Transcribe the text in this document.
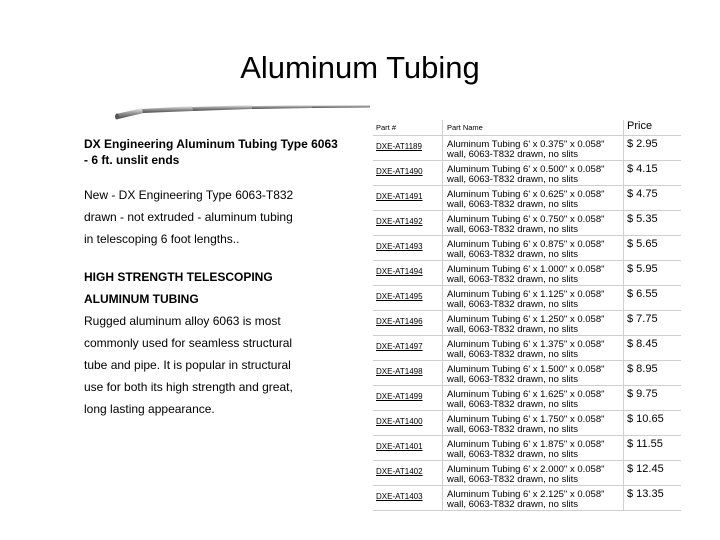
Aluminum Tubing
DX Engineering Aluminum Tubing Type 6063 - 6 ft. unslit ends
New - DX Engineering Type 6063-T832
drawn - not extruded - aluminum tubing
in telescoping 6 foot lengths..
HIGH STRENGTH TELESCOPING
ALUMINUM TUBING
Rugged aluminum alloy 6063 is most
commonly used for seamless structural
tube and pipe. It is popular in structural
use for both its high strength and great,
long lasting appearance.
Part #	Part Name	Price

DXE-AT1189	Aluminum Tubing 6' x 0.375" x 0.058"
wall, 6063-T832 drawn, no slits	$ 2.95

DXE-AT1490	Aluminum Tubing 6' x 0.500" x 0.058"
wall, 6063-T832 drawn, no slits	$ 4.15

DXE-AT1491	Aluminum Tubing 6' x 0.625" x 0.058"
wall, 6063-T832 drawn, no slits	$ 4.75

DXE-AT1492	Aluminum Tubing 6' x 0.750" x 0.058"
wall, 6063-T832 drawn, no slits	$ 5.35

DXE-AT1493	Aluminum Tubing 6' x 0.875" x 0.058"
wall, 6063-T832 drawn, no slits	$ 5.65

DXE-AT1494	Aluminum Tubing 6' x 1.000" x 0.058"
wall, 6063-T832 drawn, no slits	$ 5.95

DXE-AT1495	Aluminum Tubing 6' x 1.125" x 0.058"
wall, 6063-T832 drawn, no slits	$ 6.55

DXE-AT1496	Aluminum Tubing 6' x 1.250" x 0.058"
wall, 6063-T832 drawn, no slits	$ 7.75

DXE-AT1497	Aluminum Tubing 6' x 1.375" x 0.058"
wall, 6063-T832 drawn, no slits	$ 8.45

DXE-AT1498	Aluminum Tubing 6' x 1.500" x 0.058"
wall, 6063-T832 drawn, no slits	$ 8.95

DXE-AT1499	Aluminum Tubing 6' x 1.625" x 0.058"
wall, 6063-T832 drawn, no slits	$ 9.75

DXE-AT1400	Aluminum Tubing 6' x 1.750" x 0.058"
wall, 6063-T832 drawn, no slits	$ 10.65

DXE-AT1401	Aluminum Tubing 6' x 1.875" x 0.058"
wall, 6063-T832 drawn, no slits	$ 11.55

DXE-AT1402	Aluminum Tubing 6' x 2.000" x 0.058"
wall, 6063-T832 drawn, no slits	$ 12.45

DXE-AT1403	Aluminum Tubing 6' x 2.125" x 0.058"
wall, 6063-T832 drawn, no slits	$ 13.35
